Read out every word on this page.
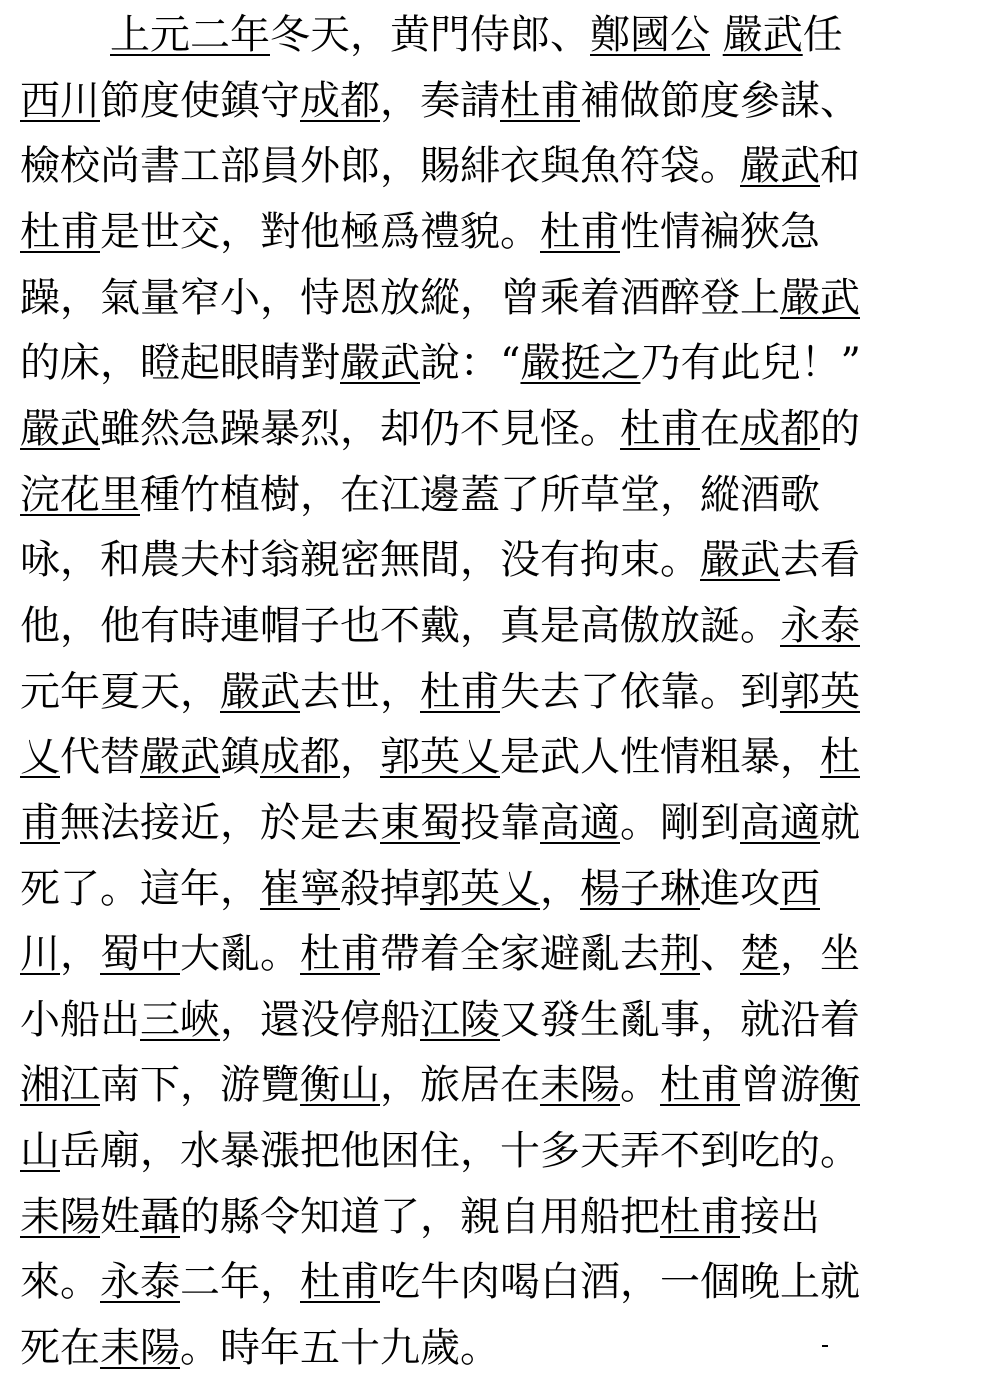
上元二年冬天，黄門侍郎、鄭國公 嚴武任
西川節度使鎮守成都，奏請杜甫補做節度參謀、
檢校尚書工部員外郎，賜緋衣與魚符袋。嚴武和
杜甫是世交，對他極爲禮貌。杜甫性情褊狹急
躁，氣量窄小，恃恩放縱，曾乘着酒醉登上嚴武
的床，瞪起眼睛對嚴武說：“嚴挺之乃有此兒！”
嚴武雖然急躁暴烈，却仍不見怪。杜甫在成都的
浣花里種竹植樹，在江邊蓋了所草堂，縱酒歌
咏，和農夫村翁親密無間，没有拘束。嚴武去看
他，他有時連帽子也不戴，真是高傲放誕。永泰
元年夏天，嚴武去世，杜甫失去了依靠。到郭英
乂代替嚴武鎮成都，郭英乂是武人性情粗暴，杜
甫無法接近，於是去東蜀投靠高適。剛到高適就
死了。這年，崔寧殺掉郭英乂，楊子琳進攻西
川，蜀中大亂。杜甫帶着全家避亂去荆、楚，坐
小船出三峽，還没停船江陵又發生亂事，就沿着
湘江南下，游覽衡山，旅居在耒陽。杜甫曾游衡
山岳廟，水暴漲把他困住，十多天弄不到吃的。
耒陽姓聶的縣令知道了，親自用船把杜甫接出
來。永泰二年，杜甫吃牛肉喝白酒，一個晚上就
死在耒陽。時年五十九歲。
